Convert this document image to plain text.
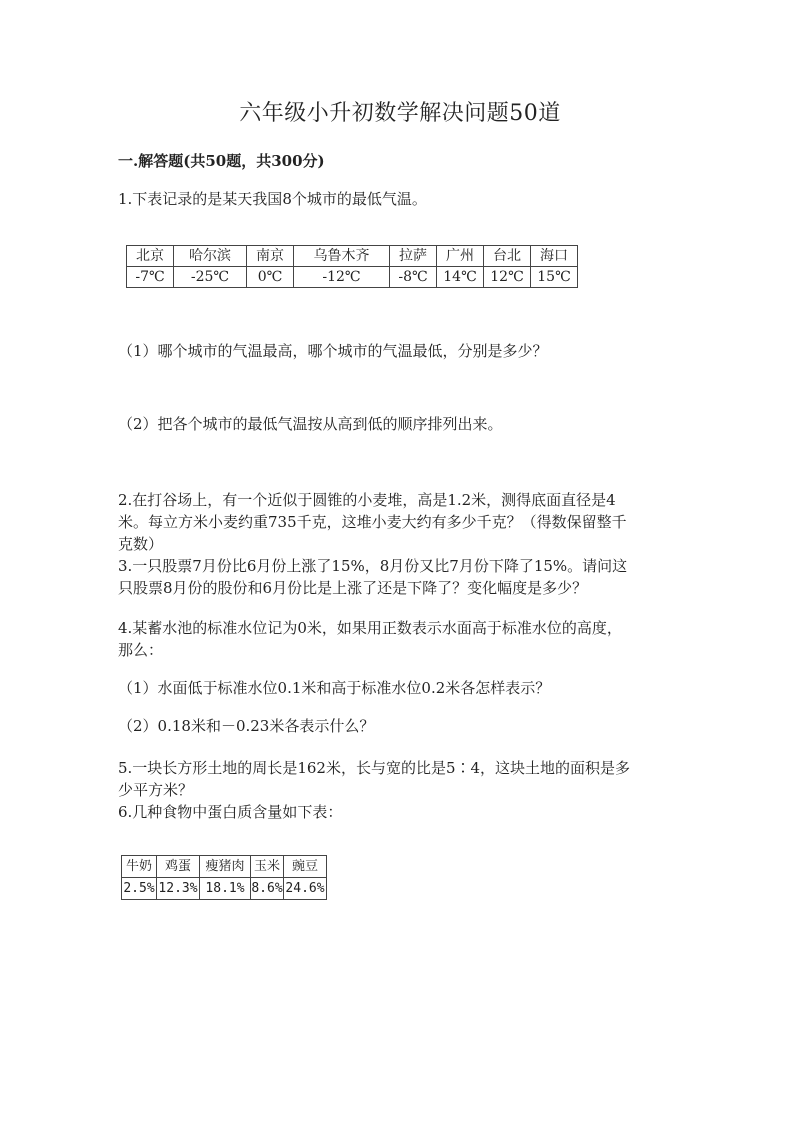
六年级小升初数学解决问题50道
一.解答题(共50题，共300分)
1.下表记录的是某天我国8个城市的最低气温。
北京	哈尔滨	南京	乌鲁木齐	拉萨	广州	台北	海口
-7℃	-25℃	0℃	-12℃	-8℃	14℃	12℃	15℃
（1）哪个城市的气温最高，哪个城市的气温最低，分别是多少？
（2）把各个城市的最低气温按从高到低的顺序排列出来。
2.在打谷场上，有一个近似于圆锥的小麦堆，高是1.2米，测得底面直径是4
米。每立方米小麦约重735千克，这堆小麦大约有多少千克？（得数保留整千
克数）
3.一只股票7月份比6月份上涨了15%，8月份又比7月份下降了15%。请问这
只股票8月份的股份和6月份比是上涨了还是下降了？变化幅度是多少？
4.某蓄水池的标准水位记为0米，如果用正数表示水面高于标准水位的高度，
那么：
（1）水面低于标准水位0.1米和高于标准水位0.2米各怎样表示？
（2）0.18米和－0.23米各表示什么？
5.一块长方形土地的周长是162米，长与宽的比是5∶4，这块土地的面积是多
少平方米？
6.几种食物中蛋白质含量如下表：
牛奶	鸡蛋	瘦猪肉	玉米	豌豆
2.5%	12.3%	18.1%	8.6%	24.6%
